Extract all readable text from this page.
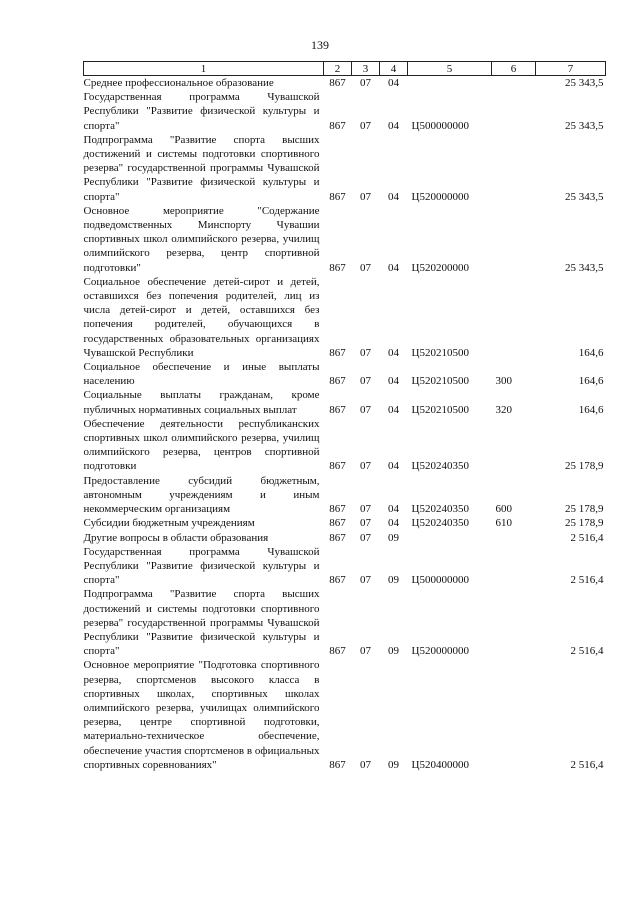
139
1	2	3	4	5	6	7
Среднее профессиональное образование	867	07	04			25 343,5
Государственная программа Чувашской Республики "Развитие физической культуры и спорта"	867	07	04	Ц500000000		25 343,5
Подпрограмма "Развитие спорта высших достижений и системы подготовки спортивного резерва" государственной программы Чувашской Республики "Развитие физической культуры и спорта"	867	07	04	Ц520000000		25 343,5
Основное мероприятие "Содержание подведомственных Минспорту Чувашии спортивных школ олимпийского резерва, училищ олимпийского резерва, центр спортивной подготовки"	867	07	04	Ц520200000		25 343,5
Социальное обеспечение детей-сирот и детей, оставшихся без попечения родителей, лиц из числа детей-сирот и детей, оставшихся без попечения родителей, обучающихся в государственных образовательных организациях Чувашской Республики	867	07	04	Ц520210500		164,6
Социальное обеспечение и иные выплаты населению	867	07	04	Ц520210500	300	164,6
Социальные выплаты гражданам, кроме публичных нормативных социальных выплат	867	07	04	Ц520210500	320	164,6
Обеспечение деятельности республиканских спортивных школ олимпийского резерва, училищ олимпийского резерва, центров спортивной подготовки	867	07	04	Ц520240350		25 178,9
Предоставление субсидий бюджетным, автономным учреждениям и иным некоммерческим организациям	867	07	04	Ц520240350	600	25 178,9
Субсидии бюджетным учреждениям	867	07	04	Ц520240350	610	25 178,9
Другие вопросы в области образования	867	07	09			2 516,4
Государственная программа Чувашской Республики "Развитие физической культуры и спорта"	867	07	09	Ц500000000		2 516,4
Подпрограмма "Развитие спорта высших достижений и системы подготовки спортивного резерва" государственной программы Чувашской Республики "Развитие физической культуры и спорта"	867	07	09	Ц520000000		2 516,4
Основное мероприятие "Подготовка спортивного резерва, спортсменов высокого класса в спортивных школах, спортивных школах олимпийского резерва, училищах олимпийского резерва, центре спортивной подготовки, материально-техническое обеспечение, обеспечение участия спортсменов в официальных спортивных соревнованиях"	867	07	09	Ц520400000		2 516,4
